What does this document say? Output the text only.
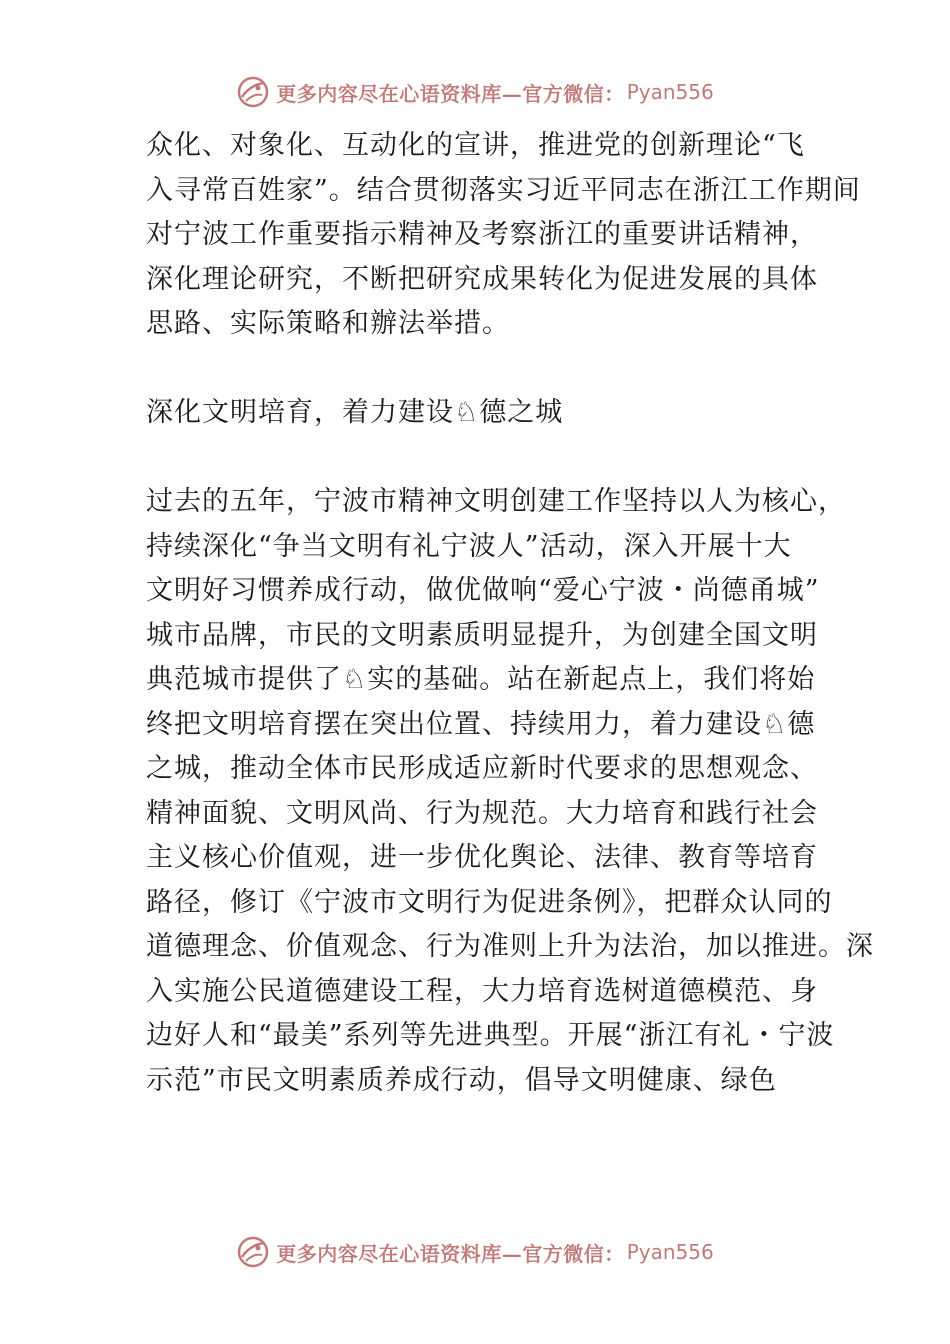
更多内容尽在心语资料库—官方微信： Pyan556
众化、对象化、互动化的宣讲，推进党的创新理论“飞
入寻常百姓家”。结合贯彻落实习近平同志在浙江工作期间
对宁波工作重要指示精神及考察浙江的重要讲话精神，
深化理论研究，不断把研究成果转化为促进发展的具体
思路、实际策略和辦法举措。
深化文明培育，着力建设♘德之城
过去的五年，宁波市精神文明创建工作坚持以人为核心，
持续深化“争当文明有礼宁波人”活动，深入开展十大
文明好习惯养成行动，做优做响“爱心宁波・尚德甬城”
城市品牌，市民的文明素质明显提升，为创建全国文明
典范城市提供了♘实的基础。站在新起点上，我们将始
终把文明培育摆在突出位置、持续用力，着力建设♘德
之城，推动全体市民形成适应新时代要求的思想观念、
精神面貌、文明风尚、行为规范。大力培育和践行社会
主义核心价值观，进一步优化舆论、法律、教育等培育
路径，修订《宁波市文明行为促进条例》，把群众认同的
道德理念、价值观念、行为准则上升为法治，加以推进。深
入实施公民道德建设工程，大力培育选树道德模范、身
边好人和“最美”系列等先进典型。开展“浙江有礼・宁波
示范”市民文明素质养成行动，倡导文明健康、绿色
更多内容尽在心语资料库—官方微信： Pyan556
